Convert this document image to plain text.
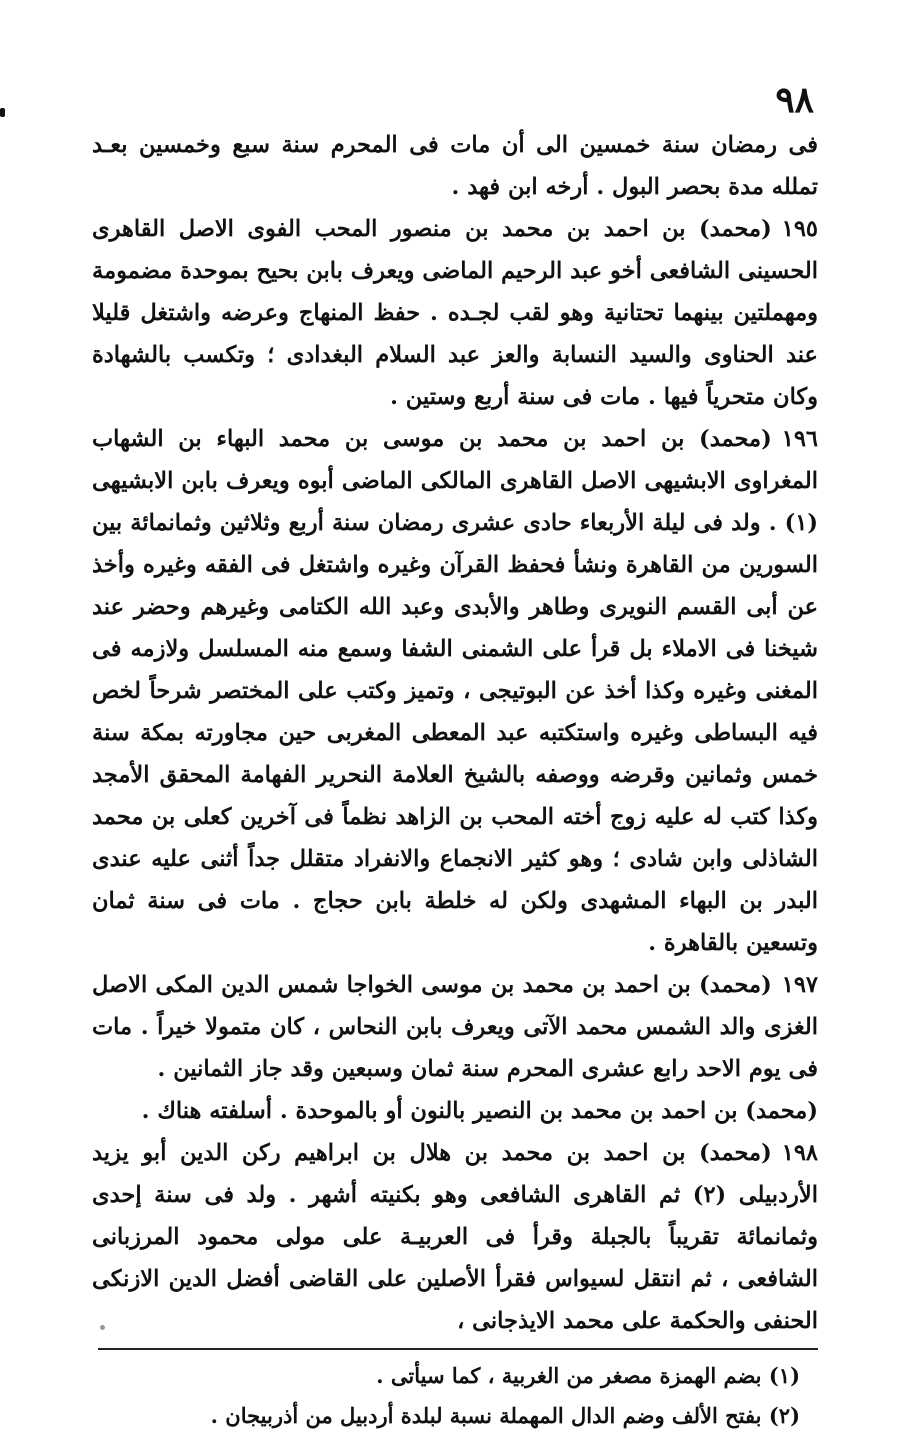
٩٨

فى رمضان سنة خمسين الى أن مات فى المحرم سنة سبع وخمسين بعـد تملله مدة بحصر البول . أرخه ابن فهد .

١٩٥(محمد) بن احمد بن محمد بن منصور المحب الفوى الاصل القاهرى الحسينى الشافعى أخو عبد الرحيم الماضى ويعرف بابن بحيح بموحدة مضمومة ومهملتين بينهما تحتانية وهو لقب لجـده . حفظ المنهاج وعرضه واشتغل قليلا عند الحناوى والسيد النسابة والعز عبد السلام البغدادى ؛ وتكسب بالشهادة وكان متحرياً فيها . مات فى سنة أربع وستين .

١٩٦(محمد) بن احمد بن محمد بن موسى بن محمد البهاء بن الشهاب المغراوى الابشيهى الاصل القاهرى المالكى الماضى أبوه ويعرف بابن الابشيهى (١) . ولد فى ليلة الأربعاء حادى عشرى رمضان سنة أربع وثلاثين وثمانمائة بين السورين من القاهرة ونشأ فحفظ القرآن وغيره واشتغل فى الفقه وغيره وأخذ عن أبى القسم النويرى وطاهر والأبدى وعبد الله الكتامى وغيرهم وحضر عند شيخنا فى الاملاء بل قرأ على الشمنى الشفا وسمع منه المسلسل ولازمه فى المغنى وغيره وكذا أخذ عن البوتيجى ، وتميز وكتب على المختصر شرحاً لخص فيه البساطى وغيره واستكتبه عبد المعطى المغربى حين مجاورته بمكة سنة خمس وثمانين وقرضه ووصفه بالشيخ العلامة النحرير الفهامة المحقق الأمجد وكذا كتب له عليه زوج أخته المحب بن الزاهد نظماً فى آخرين كعلى بن محمد الشاذلى وابن شادى ؛ وهو كثير الانجماع والانفراد متقلل جداً أثنى عليه عندى البدر بن البهاء المشهدى ولكن له خلطة بابن حجاج . مات فى سنة ثمان وتسعين بالقاهرة .

١٩٧(محمد) بن احمد بن محمد بن موسى الخواجا شمس الدين المكى الاصل الغزى والد الشمس محمد الآتى ويعرف بابن النحاس ، كان متمولا خيراً . مات فى يوم الاحد رابع عشرى المحرم سنة ثمان وسبعين وقد جاز الثمانين .

(محمد) بن احمد بن محمد بن النصير بالنون أو بالموحدة . أسلفته هناك .

١٩٨(محمد) بن احمد بن محمد بن هلال بن ابراهيم ركن الدين أبو يزيد الأردبيلى (٢) ثم القاهرى الشافعى وهو بكنيته أشهر . ولد فى سنة إحدى وثمانمائة تقريباً بالجبلة وقرأ فى العربيـة على مولى محمود المرزبانى الشافعى ، ثم انتقل لسيواس فقرأ الأصلين على القاضى أفضل الدين الازنكى الحنفى والحكمة على محمد الايذجانى ،

(١) بضم الهمزة مصغر من الغربية ، كما سيأتى .

(٢) بفتح الألف وضم الدال المهملة نسبة لبلدة أردبيل من أذربيجان .
